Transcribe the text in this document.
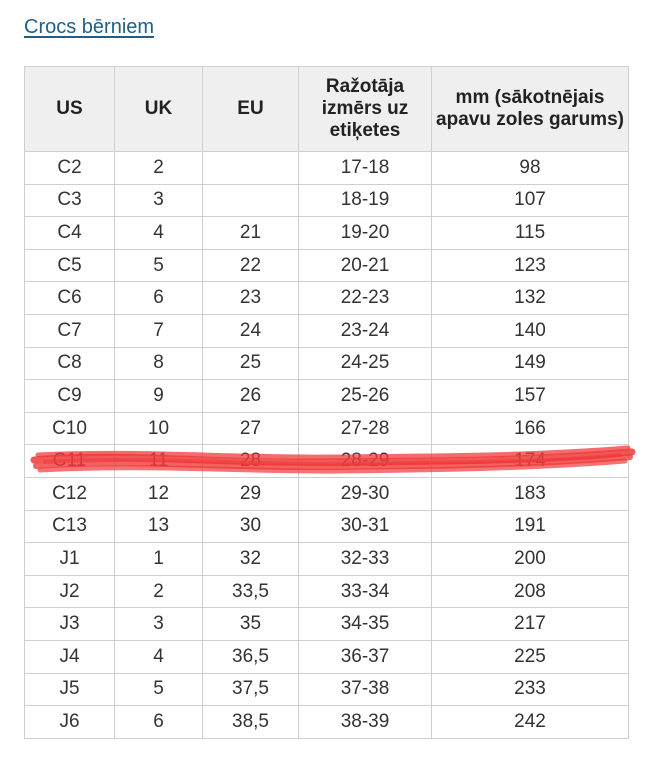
Crocs bērniem
US	UK	EU	Ražotāja izmērs uz etiķetes	mm (sākotnējais apavu zoles garums)
C2	2		17-18	98
C3	3		18-19	107
C4	4	21	19-20	115
C5	5	22	20-21	123
C6	6	23	22-23	132
C7	7	24	23-24	140
C8	8	25	24-25	149
C9	9	26	25-26	157
C10	10	27	27-28	166
C11	11	28	28-29	174
C12	12	29	29-30	183
C13	13	30	30-31	191
J1	1	32	32-33	200
J2	2	33,5	33-34	208
J3	3	35	34-35	217
J4	4	36,5	36-37	225
J5	5	37,5	37-38	233
J6	6	38,5	38-39	242
